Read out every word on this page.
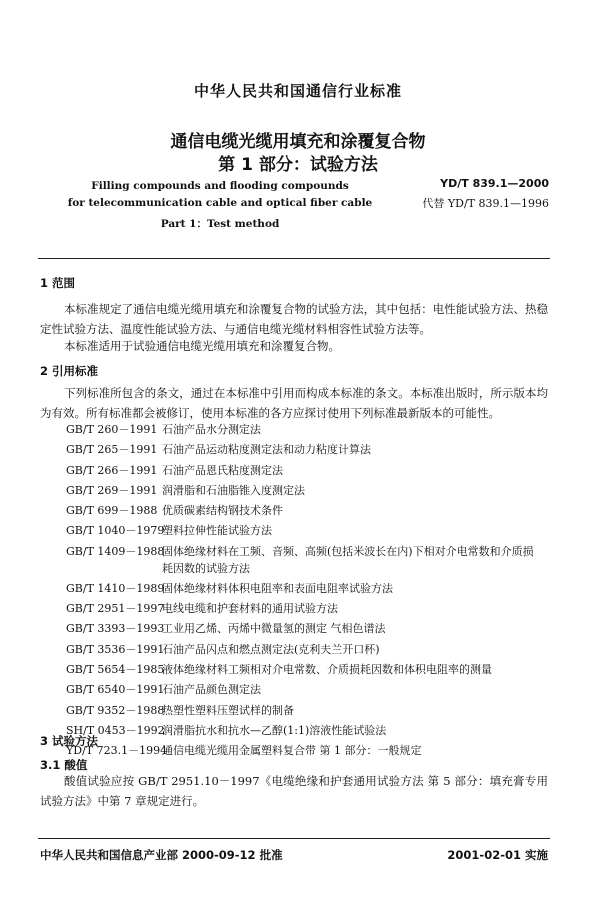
中华人民共和国通信行业标准
通信电缆光缆用填充和涂覆复合物
第 1 部分：试验方法
Filling compounds and flooding compounds
for telecommunication cable and optical fiber cable
Part 1：Test method
YD/T 839.1—2000
代替 YD/T 839.1—1996
1 范围
本标准规定了通信电缆光缆用填充和涂覆复合物的试验方法，其中包括：电性能试验方法、热稳定性试验方法、温度性能试验方法、与通信电缆光缆材料相容性试验方法等。
本标准适用于试验通信电缆光缆用填充和涂覆复合物。
2 引用标准
下列标准所包含的条文，通过在本标准中引用而构成本标准的条文。本标准出版时，所示版本均为有效。所有标准都会被修订，使用本标准的各方应探讨使用下列标准最新版本的可能性。
GB/T 260－1991 石油产品水分测定法
GB/T 265－1991 石油产品运动粘度测定法和动力粘度计算法
GB/T 266－1991 石油产品恩氏粘度测定法
GB/T 269－1991 润滑脂和石油脂锥入度测定法
GB/T 699－1988 优质碳素结构钢技术条件
GB/T 1040－1979
塑料拉伸性能试验方法
GB/T 1409－1988
固体绝缘材料在工频、音频、高频(包括米波长在内)下相对介电常数和介质损耗因数的试验方法
GB/T 1410－1989
固体绝缘材料体积电阻率和表面电阻率试验方法
GB/T 2951－1997
电线电缆和护套材料的通用试验方法
GB/T 3393－1993
工业用乙烯、丙烯中微量氢的测定 气相色谱法
GB/T 3536－1991
石油产品闪点和燃点测定法(克利夫兰开口杯)
GB/T 5654－1985
液体绝缘材料工频相对介电常数、介质损耗因数和体积电阻率的测量
GB/T 6540－1991
石油产品颜色测定法
GB/T 9352－1988
热塑性塑料压塑试样的制备
SH/T 0453－1992
润滑脂抗水和抗水—乙醇(1:1)溶液性能试验法
YD/T 723.1－1994
通信电缆光缆用金属塑料复合带 第 1 部分：一般规定
3 试验方法
3.1 酸值
酸值试验应按 GB/T 2951.10－1997《电缆绝缘和护套通用试验方法 第 5 部分：填充膏专用试验方法》中第 7 章规定进行。
中华人民共和国信息产业部 2000-09-12 批准	2001-02-01 实施
